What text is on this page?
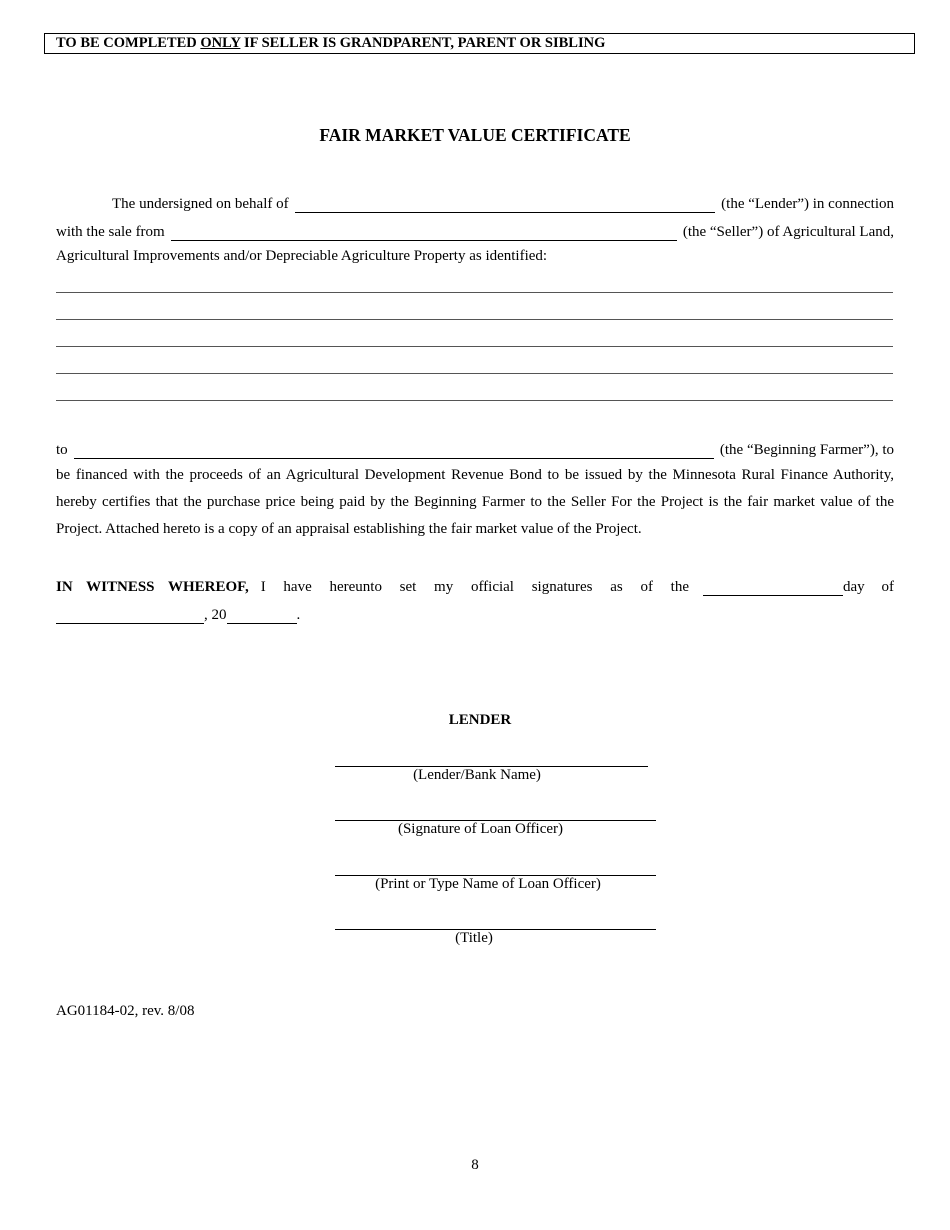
TO BE COMPLETED ONLY IF SELLER IS GRANDPARENT, PARENT OR SIBLING
FAIR MARKET VALUE CERTIFICATE
The undersigned on behalf of	(the “Lender”) in connection
with the sale from	(the “Seller”) of Agricultural Land,
Agricultural Improvements and/or Depreciable Agriculture Property as identified:
to	(the “Beginning Farmer”), to
be financed with the proceeds of an Agricultural Development Revenue Bond to be issued by the Minnesota Rural Finance Authority,
hereby certifies that the purchase price being paid by the Beginning Farmer to the Seller For the Project is the fair market value of the
Project. Attached hereto is a copy of an appraisal establishing the fair market value of the Project.
IN WITNESS WHEREOF, I have hereunto set my official signatures as of the	day of
, 20	.
LENDER
(Lender/Bank Name)
(Signature of Loan Officer)
(Print or Type Name of Loan Officer)
(Title)
AG01184-02, rev. 8/08
8
